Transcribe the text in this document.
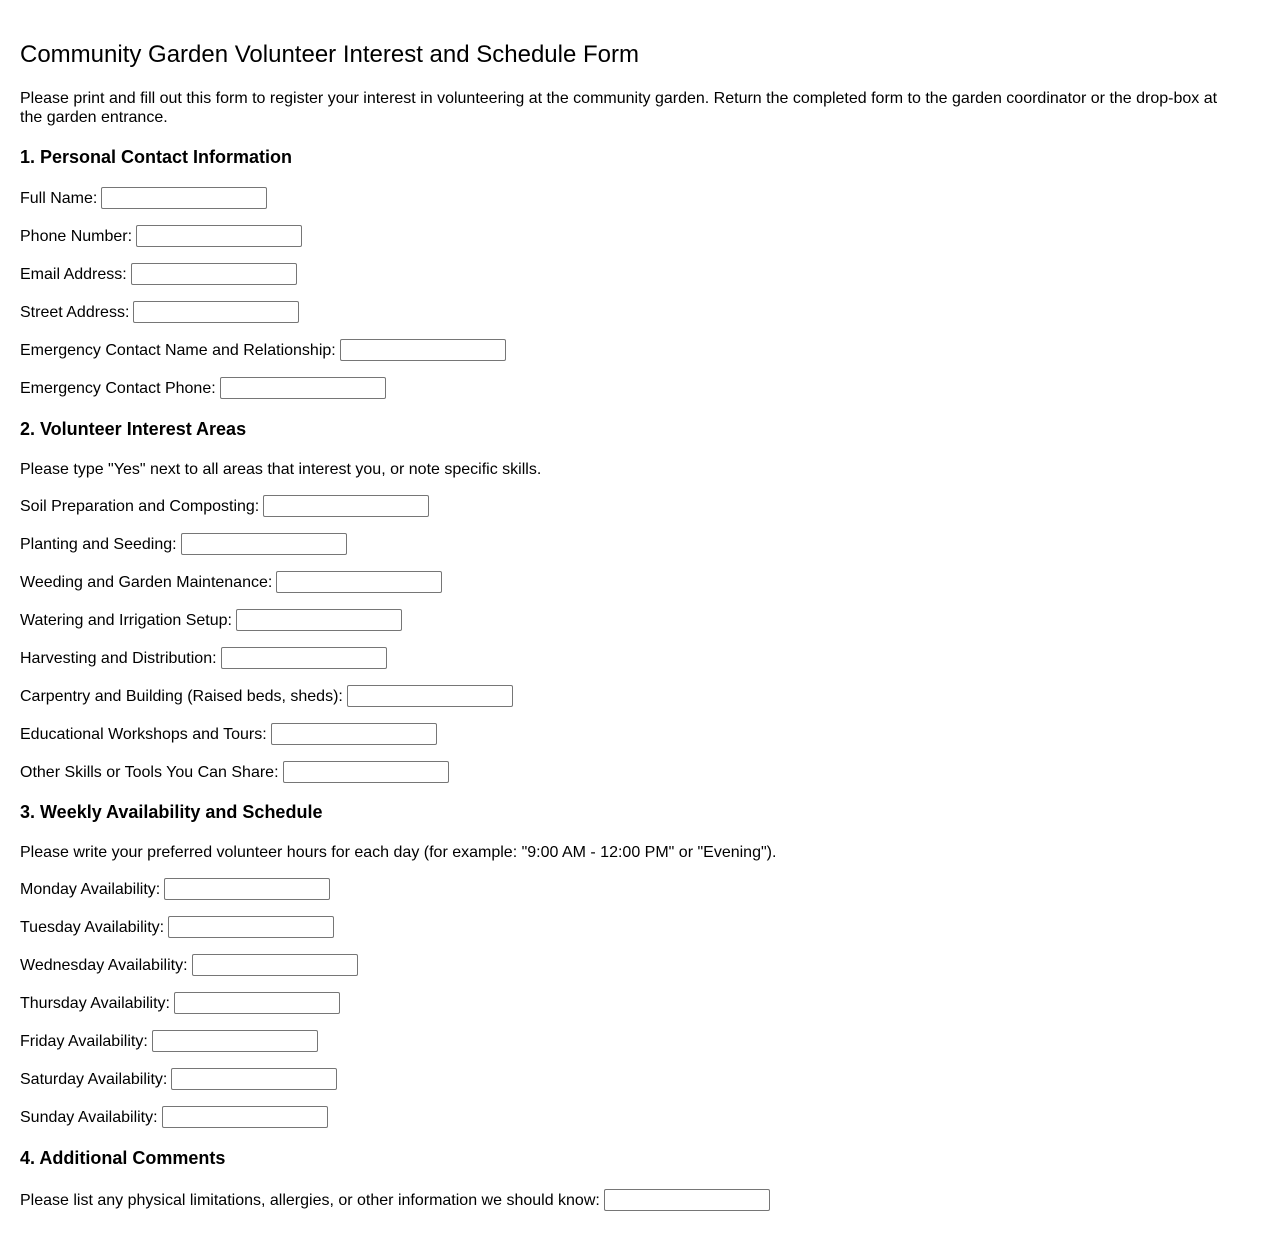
Community Garden Volunteer Interest and Schedule Form

Please print and fill out this form to register your interest in volunteering at the community garden. Return the completed form to the garden coordinator or the drop-box at the garden entrance.

1. Personal Contact Information
Full Name:
Phone Number:
Email Address:
Street Address:
Emergency Contact Name and Relationship:
Emergency Contact Phone:
2. Volunteer Interest Areas

Please type "Yes" next to all areas that interest you, or note specific skills.

Soil Preparation and Composting:
Planting and Seeding:
Weeding and Garden Maintenance:
Watering and Irrigation Setup:
Harvesting and Distribution:
Carpentry and Building (Raised beds, sheds):
Educational Workshops and Tours:
Other Skills or Tools You Can Share:
3. Weekly Availability and Schedule

Please write your preferred volunteer hours for each day (for example: "9:00 AM - 12:00 PM" or "Evening").

Monday Availability:
Tuesday Availability:
Wednesday Availability:
Thursday Availability:
Friday Availability:
Saturday Availability:
Sunday Availability:
4. Additional Comments
Please list any physical limitations, allergies, or other information we should know:
